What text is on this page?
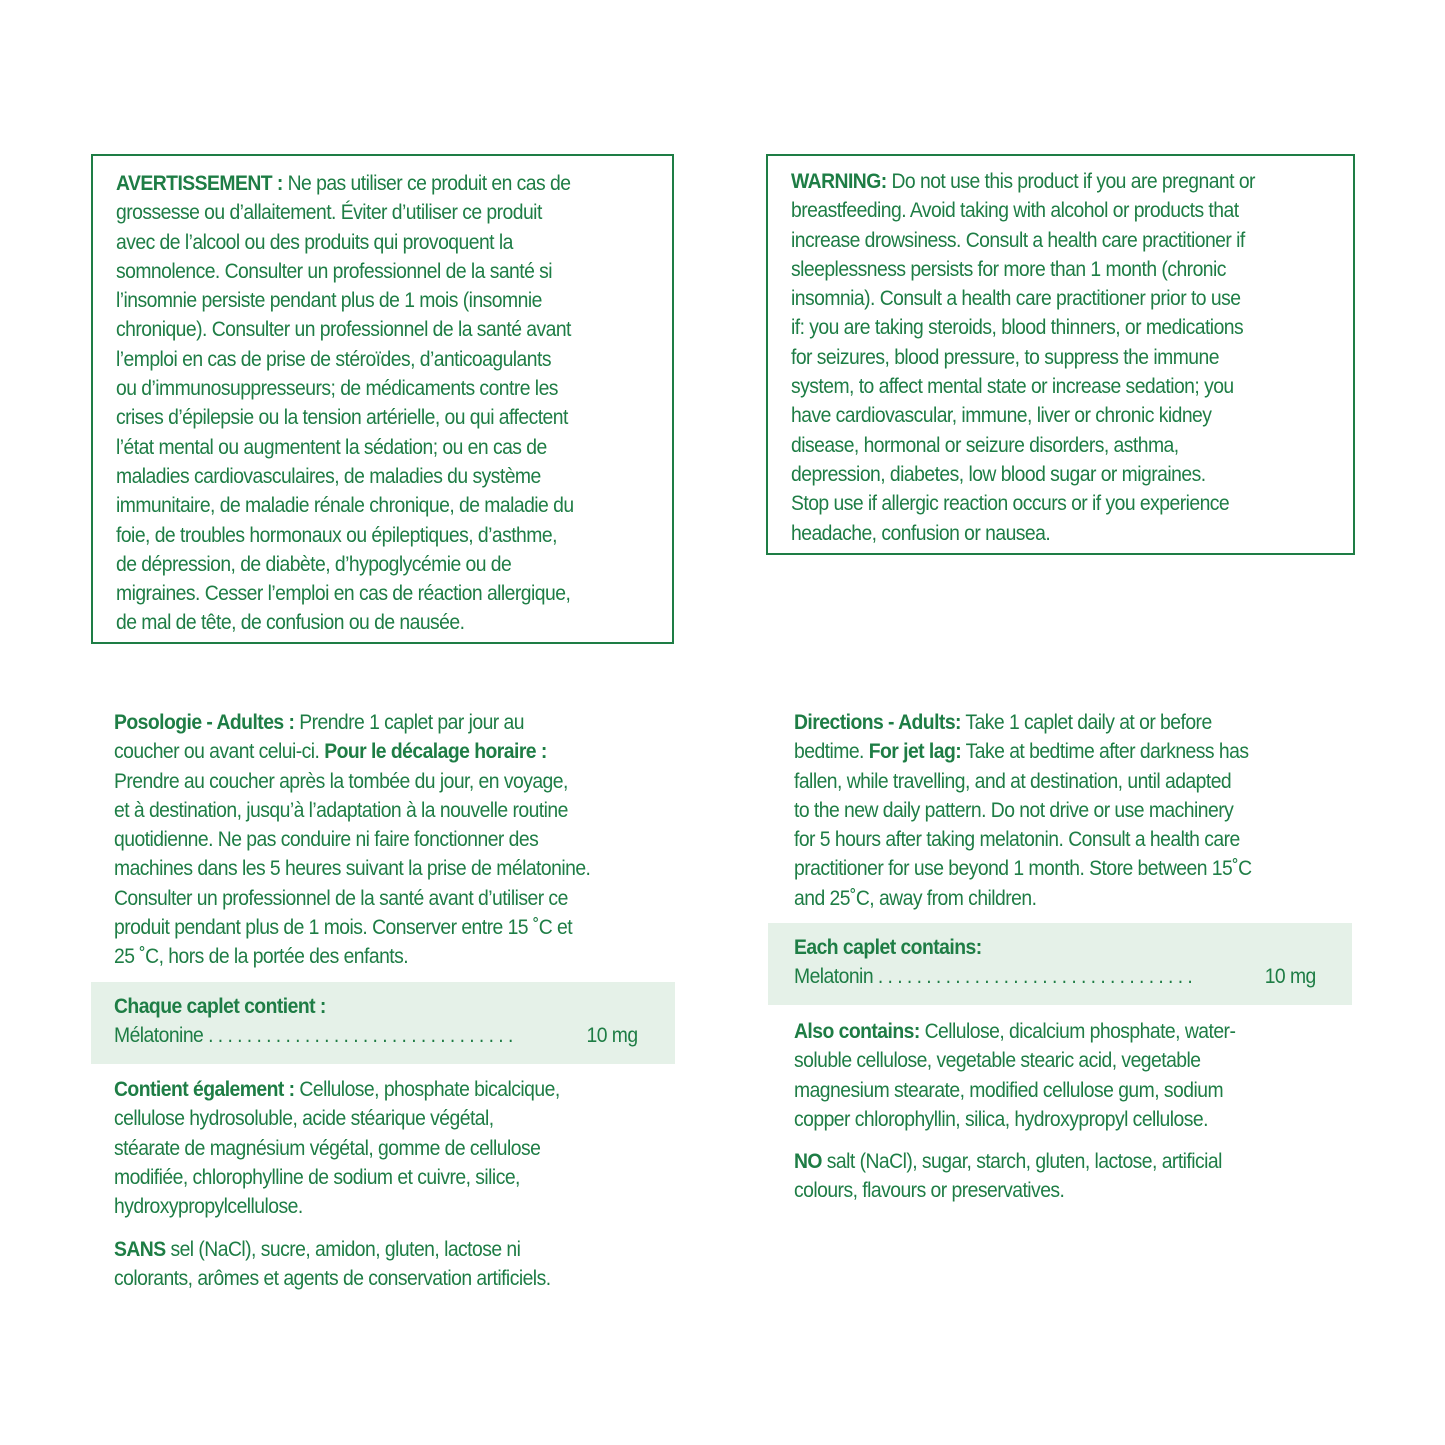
AVERTISSEMENT : Ne pas utiliser ce produit en cas de
grossesse ou d’allaitement. Éviter d’utiliser ce produit
avec de l’alcool ou des produits qui provoquent la
somnolence. Consulter un professionnel de la santé si
l’insomnie persiste pendant plus de 1 mois (insomnie
chronique). Consulter un professionnel de la santé avant
l’emploi en cas de prise de stéroïdes, d’anticoagulants
ou d’immunosuppresseurs; de médicaments contre les
crises d’épilepsie ou la tension artérielle, ou qui affectent
l’état mental ou augmentent la sédation; ou en cas de
maladies cardiovasculaires, de maladies du système
immunitaire, de maladie rénale chronique, de maladie du
foie, de troubles hormonaux ou épileptiques, d’asthme,
de dépression, de diabète, d’hypoglycémie ou de
migraines. Cesser l’emploi en cas de réaction allergique,
de mal de tête, de confusion ou de nausée.
WARNING: Do not use this product if you are pregnant or
breastfeeding. Avoid taking with alcohol or products that
increase drowsiness. Consult a health care practitioner if
sleeplessness persists for more than 1 month (chronic
insomnia). Consult a health care practitioner prior to use
if: you are taking steroids, blood thinners, or medications
for seizures, blood pressure, to suppress the immune
system, to affect mental state or increase sedation; you
have cardiovascular, immune, liver or chronic kidney
disease, hormonal or seizure disorders, asthma,
depression, diabetes, low blood sugar or migraines.
Stop use if allergic reaction occurs or if you experience
headache, confusion or nausea.
Posologie - Adultes : Prendre 1 caplet par jour au
coucher ou avant celui-ci. Pour le décalage horaire :
Prendre au coucher après la tombée du jour, en voyage,
et à destination, jusqu’à l’adaptation à la nouvelle routine
quotidienne. Ne pas conduire ni faire fonctionner des
machines dans les 5 heures suivant la prise de mélatonine.
Consulter un professionnel de la santé avant d’utiliser ce
produit pendant plus de 1 mois. Conserver entre 15 ˚C et
25 ˚C, hors de la portée des enfants.
Chaque caplet contient :
Mélatonine . . . . . . . . . . . . . . . . . . . . . . . . . . . . . . . .	10 mg
Contient également : Cellulose, phosphate bicalcique,
cellulose hydrosoluble, acide stéarique végétal,
stéarate de magnésium végétal, gomme de cellulose
modifiée, chlorophylline de sodium et cuivre, silice,
hydroxypropylcellulose.
SANS sel (NaCl), sucre, amidon, gluten, lactose ni
colorants, arômes et agents de conservation artificiels.
Directions - Adults: Take 1 caplet daily at or before
bedtime. For jet lag: Take at bedtime after darkness has
fallen, while travelling, and at destination, until adapted
to the new daily pattern. Do not drive or use machinery
for 5 hours after taking melatonin. Consult a health care
practitioner for use beyond 1 month. Store between 15˚C
and 25˚C, away from children.
Each caplet contains:
Melatonin . . . . . . . . . . . . . . . . . . . . . . . . . . . . . . . . .	10 mg
Also contains: Cellulose, dicalcium phosphate, water-
soluble cellulose, vegetable stearic acid, vegetable
magnesium stearate, modified cellulose gum, sodium
copper chlorophyllin, silica, hydroxypropyl cellulose.
NO salt (NaCl), sugar, starch, gluten, lactose, artificial
colours, flavours or preservatives.
